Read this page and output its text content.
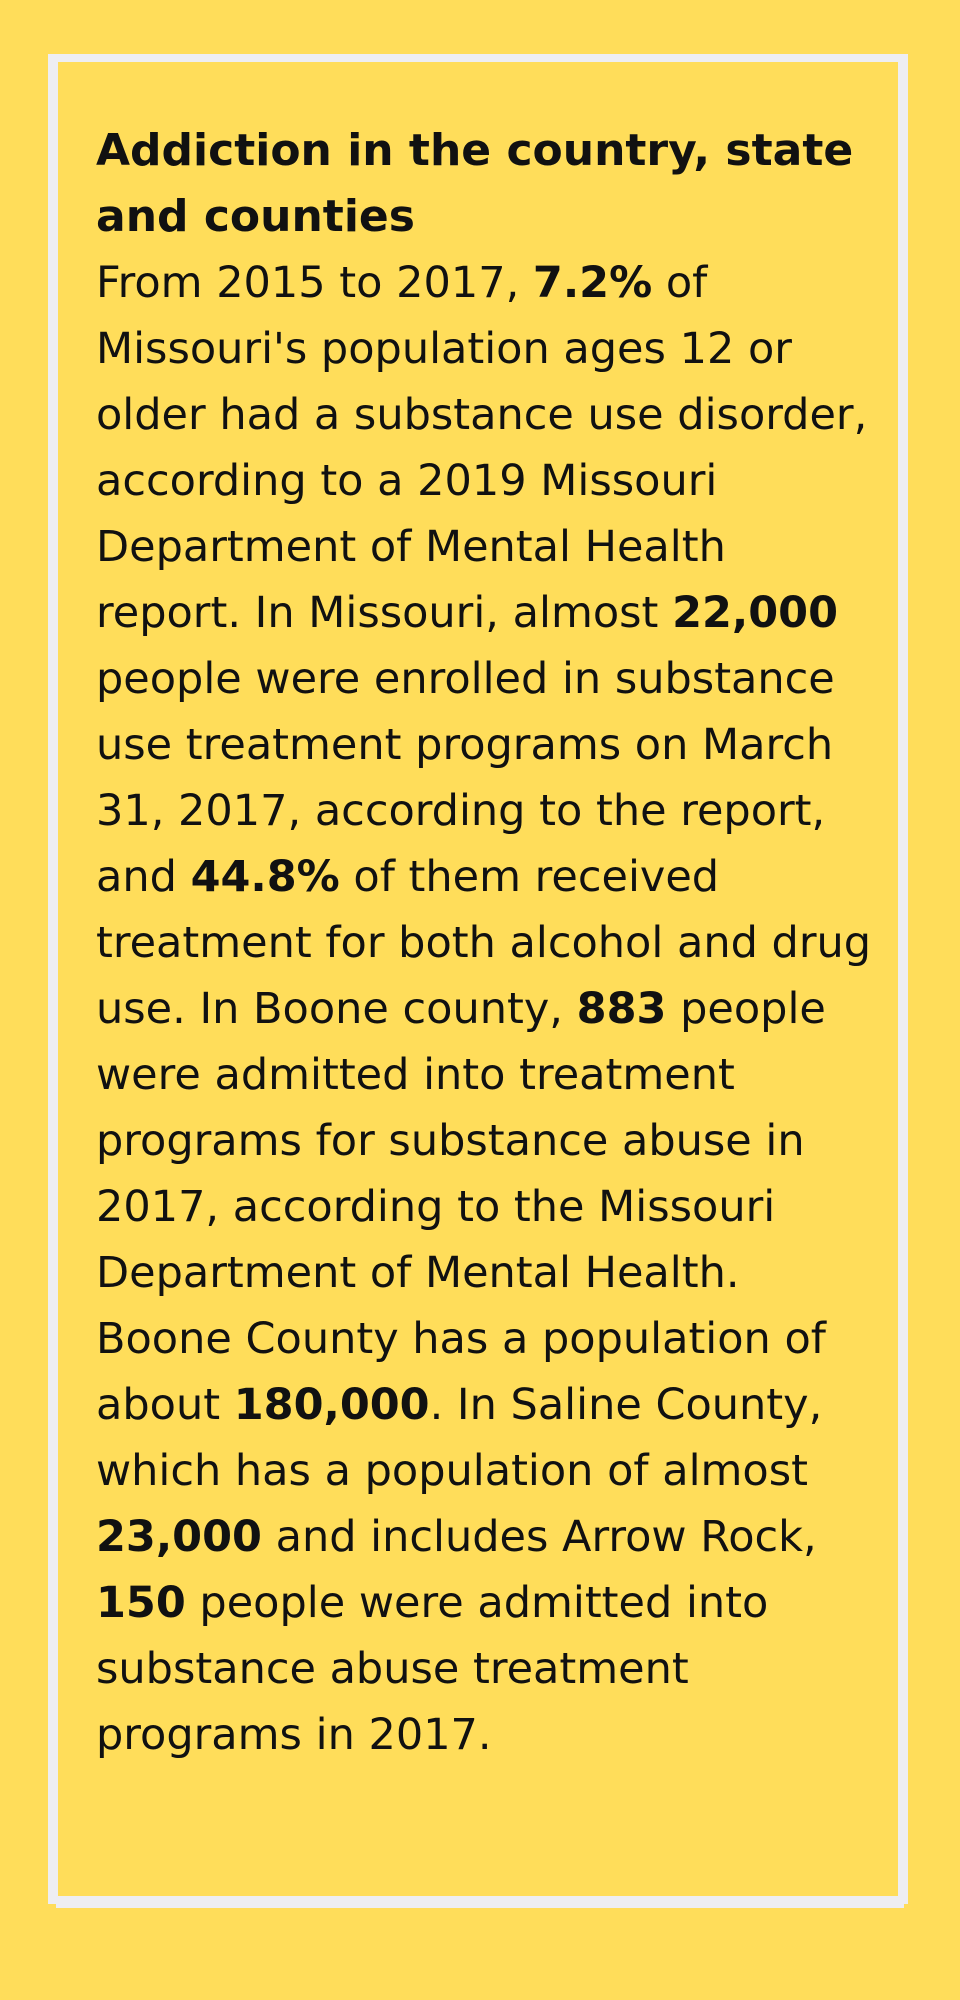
Addiction in the country, state and counties

From 2015 to 2017, 7.2% of Missouri's population ages 12 or older had a substance use disorder, according to a 2019 Missouri Department of Mental Health report. In Missouri, almost 22,000 people were enrolled in substance use treatment programs on March 31, 2017, according to the report, and 44.8% of them received treatment for both alcohol and drug use. In Boone county, 883 people were admitted into treatment programs for substance abuse in 2017, according to the Missouri Department of Mental Health. Boone County has a population of about 180,000. In Saline County, which has a population of almost 23,000 and includes Arrow Rock, 150 people were admitted into substance abuse treatment programs in 2017.
